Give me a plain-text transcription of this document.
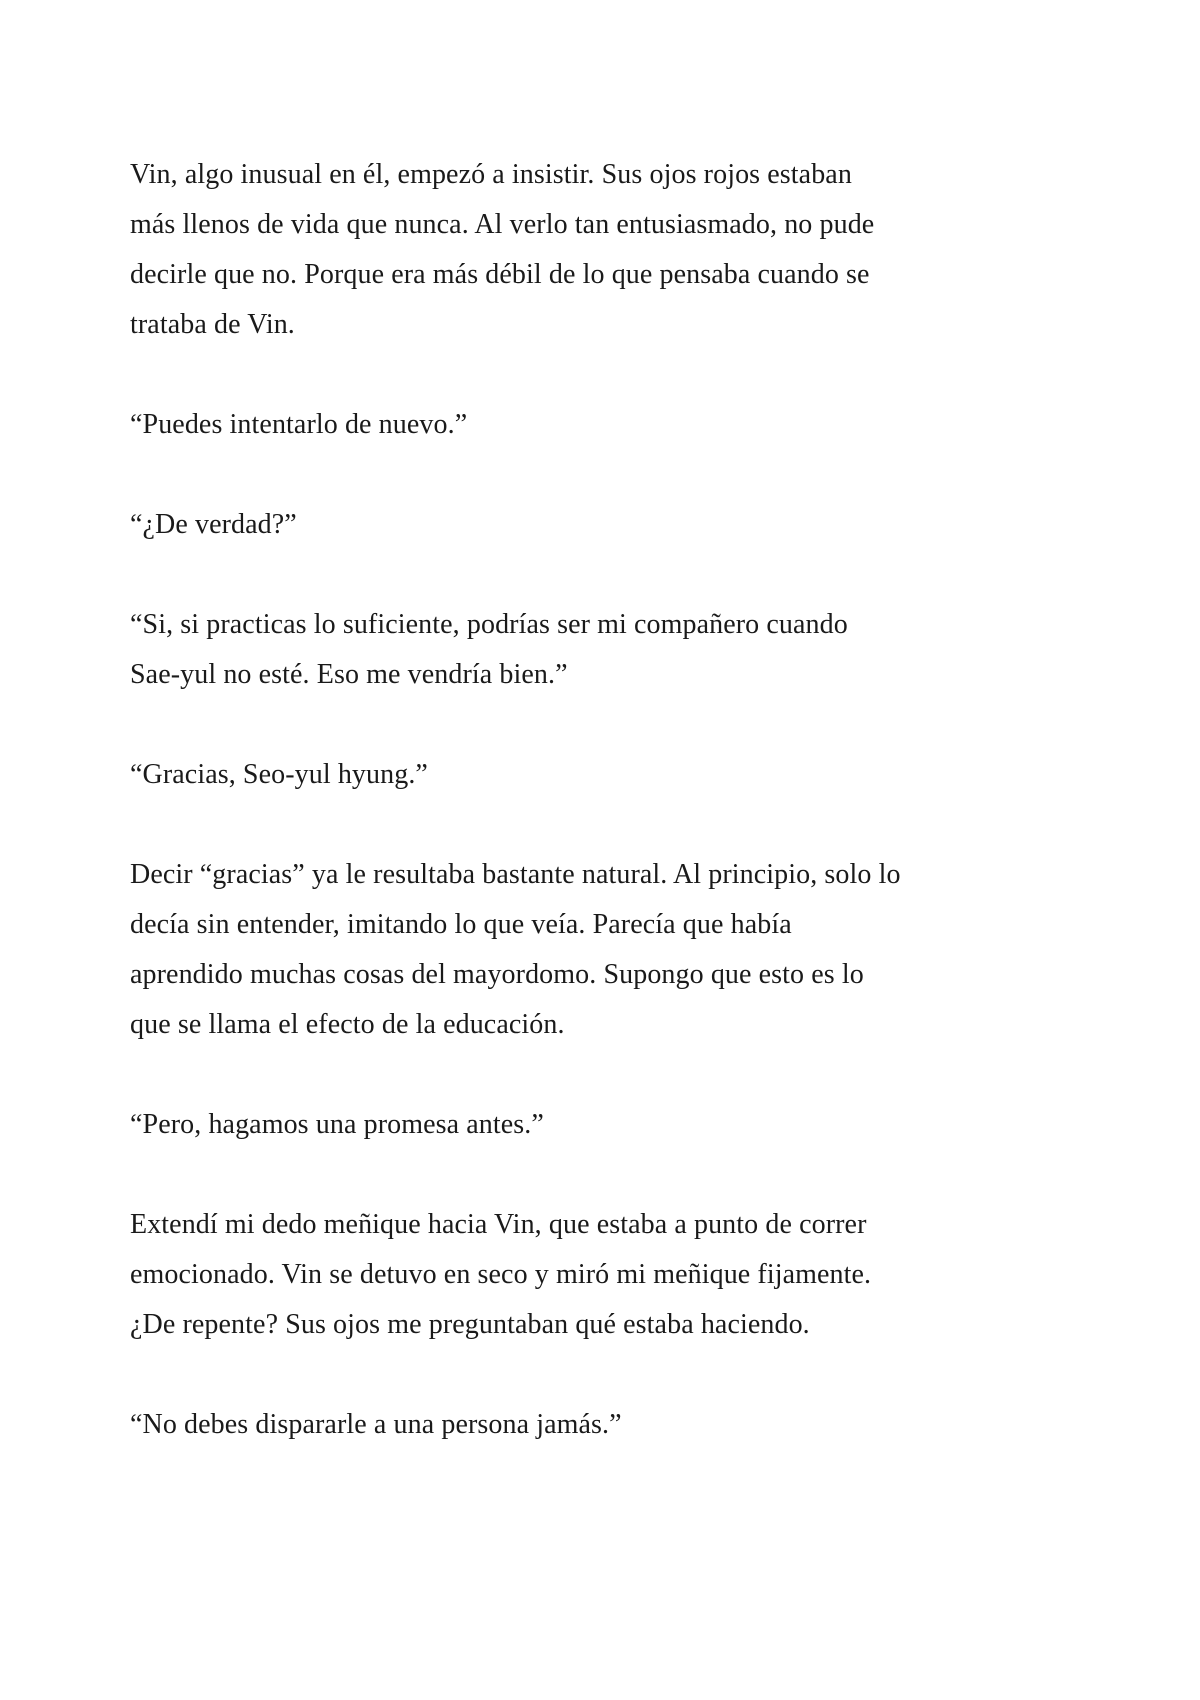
Vin, algo inusual en él, empezó a insistir. Sus ojos rojos estaban
más llenos de vida que nunca. Al verlo tan entusiasmado, no pude
decirle que no. Porque era más débil de lo que pensaba cuando se
trataba de Vin.

“Puedes intentarlo de nuevo.”

“¿De verdad?”

“Si, si practicas lo suficiente, podrías ser mi compañero cuando
Sae-yul no esté. Eso me vendría bien.”

“Gracias, Seo-yul hyung.”

Decir “gracias” ya le resultaba bastante natural. Al principio, solo lo
decía sin entender, imitando lo que veía. Parecía que había
aprendido muchas cosas del mayordomo. Supongo que esto es lo
que se llama el efecto de la educación.

“Pero, hagamos una promesa antes.”

Extendí mi dedo meñique hacia Vin, que estaba a punto de correr
emocionado. Vin se detuvo en seco y miró mi meñique fijamente.
¿De repente? Sus ojos me preguntaban qué estaba haciendo.

“No debes dispararle a una persona jamás.”
